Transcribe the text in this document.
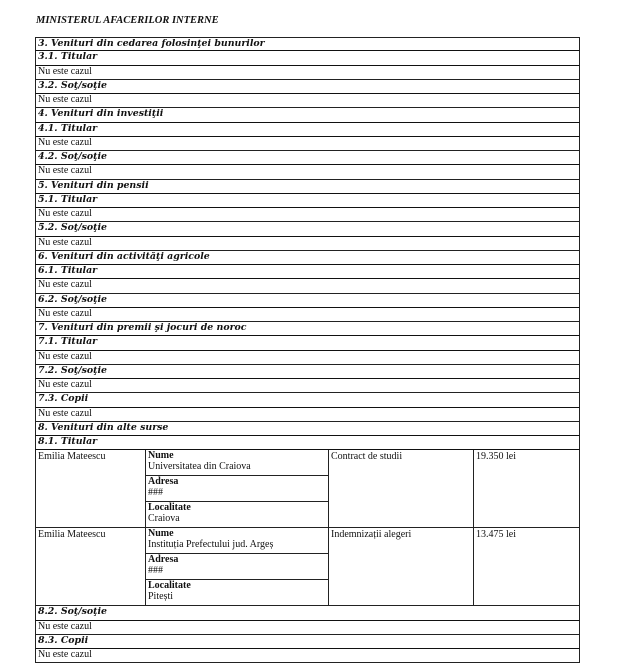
MINISTERUL AFACERILOR INTERNE
3. Venituri din cedarea folosinţei bunurilor
3.1. Titular
Nu este cazul
3.2. Soţ/soţie
Nu este cazul
4. Venituri din investiţii
4.1. Titular
Nu este cazul
4.2. Soţ/soţie
Nu este cazul
5. Venituri din pensii
5.1. Titular
Nu este cazul
5.2. Soţ/soţie
Nu este cazul
6. Venituri din activităţi agricole
6.1. Titular
Nu este cazul
6.2. Soţ/soţie
Nu este cazul
7. Venituri din premii şi jocuri de noroc
7.1. Titular
Nu este cazul
7.2. Soţ/soţie
Nu este cazul
7.3. Copii
Nu este cazul
8. Venituri din alte surse
8.1. Titular
Emilia Mateescu	Nume
Universitatea din Craiova
Adresa
###
Localitate
Craiova
Contract de studii	19.350 lei
Emilia Mateescu	Nume
Instituția Prefectului jud. Argeș
Adresa
###
Localitate
Pitești
Indemnizații alegeri	13.475 lei
8.2. Soţ/soţie
Nu este cazul
8.3. Copii
Nu este cazul
